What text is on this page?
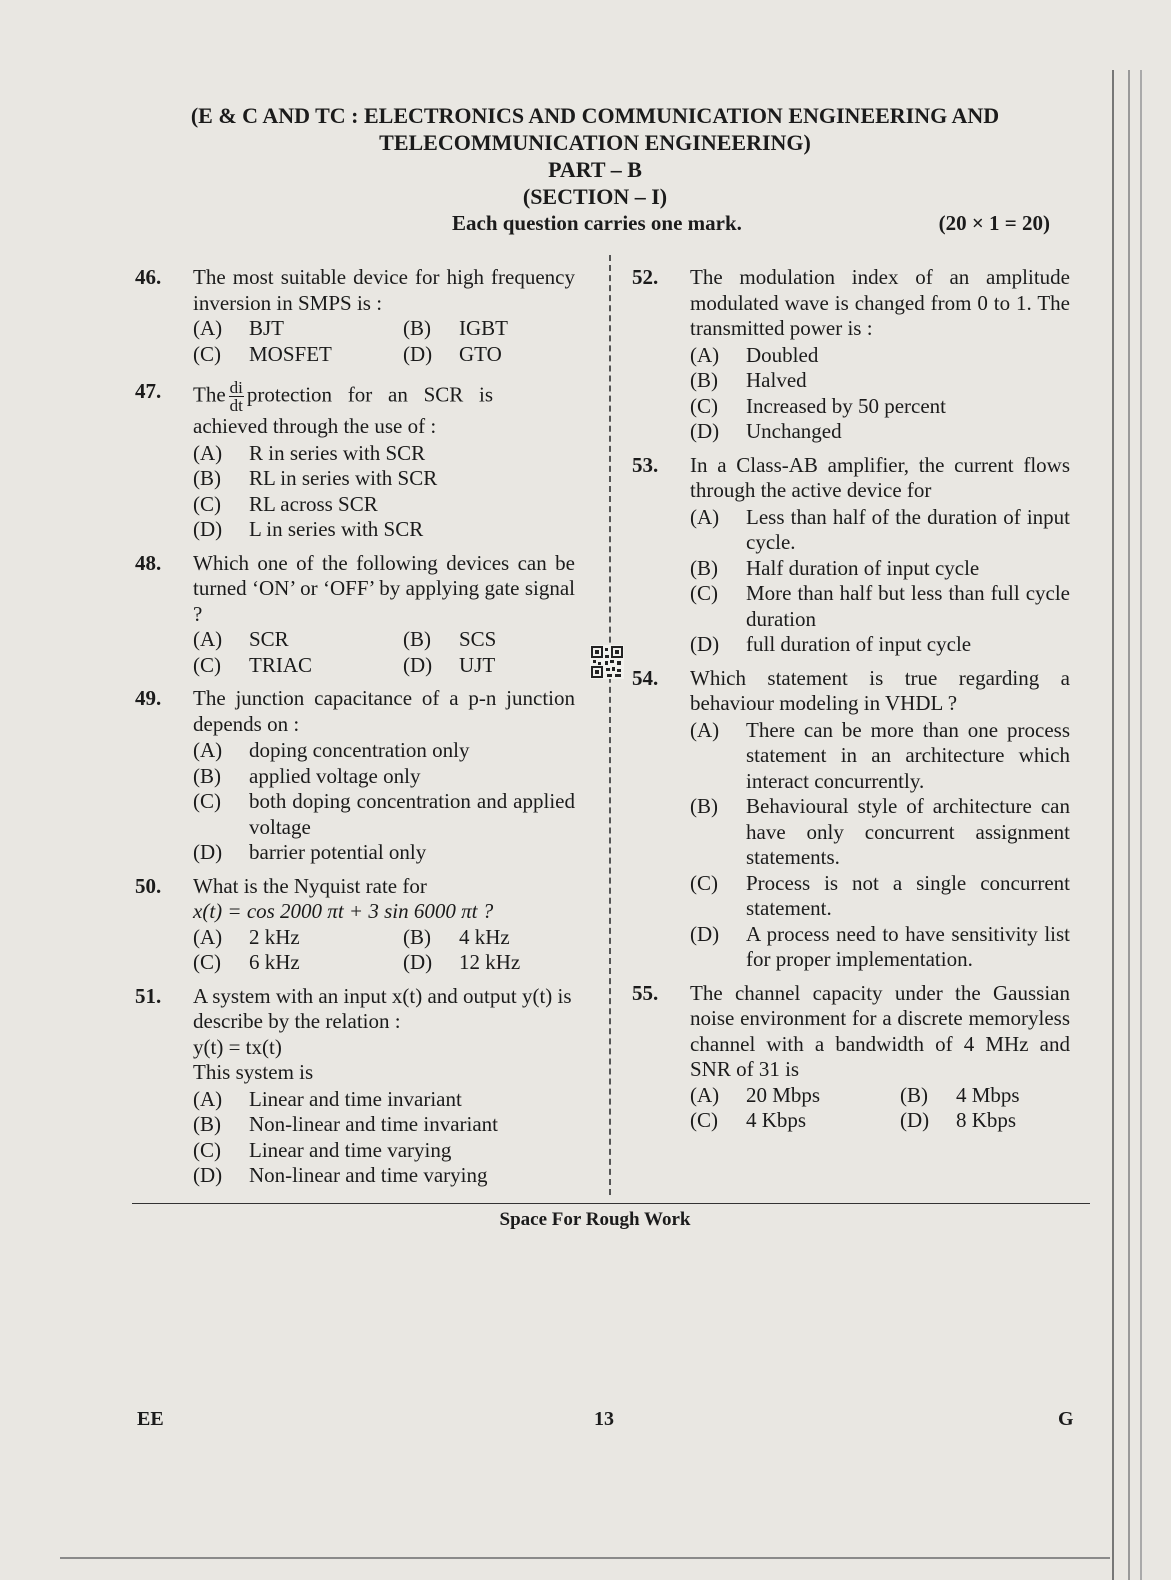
(E & C AND TC : ELECTRONICS AND COMMUNICATION ENGINEERING AND
TELECOMMUNICATION ENGINEERING)
PART – B
(SECTION – I)
Each question carries one mark.	(20 × 1 = 20)
46. The most suitable device for high frequency inversion in SMPS is :
(A)	BJT	(B)	IGBT
(C)	MOSFET	(D)	GTO
47. The $\frac{di}{dt}$ protection   for   an   SCR   is
achieved through the use of :
(A)	R in series with SCR
(B)	RL in series with SCR
(C)	RL across SCR
(D)	L in series with SCR
48. Which one of the following devices can be turned ‘ON’ or ‘OFF’ by applying gate signal ?
(A)	SCR	(B)	SCS
(C)	TRIAC	(D)	UJT
49. The junction capacitance of a p-n junction depends on :
(A)	doping concentration only
(B)	applied voltage only
(C)	both doping concentration and applied voltage
(D)	barrier potential only
50. What is the Nyquist rate for
x(t) = cos 2000 πt + 3 sin 6000 πt ?
(A)	2 kHz	(B)	4 kHz
(C)	6 kHz	(D)	12 kHz
51. A system with an input x(t) and output y(t) is describe by the relation :
y(t) = tx(t)
This system is
(A)	Linear and time invariant
(B)	Non-linear and time invariant
(C)	Linear and time varying
(D)	Non-linear and time varying
52. The modulation index of an amplitude modulated wave is changed from 0 to 1. The transmitted power is :
(A)	Doubled
(B)	Halved
(C)	Increased by 50 percent
(D)	Unchanged
53. In a Class-AB amplifier, the current flows through the active device for
(A)	Less than half of the duration of input cycle.
(B)	Half duration of input cycle
(C)	More than half but less than full cycle duration
(D)	full duration of input cycle
54. Which statement is true regarding a behaviour modeling in VHDL ?
(A)	There can be more than one process statement in an architecture which interact concurrently.
(B)	Behavioural style of architecture can have only concurrent assignment statements.
(C)	Process is not a single concurrent statement.
(D)	A process need to have sensitivity list for proper implementation.
55. The channel capacity under the Gaussian noise environment for a discrete memoryless channel with a bandwidth of 4 MHz and SNR of 31 is
(A)	20 Mbps	(B)	4 Mbps
(C)	4 Kbps	(D)	8 Kbps
Space For Rough Work
EE	13	G
